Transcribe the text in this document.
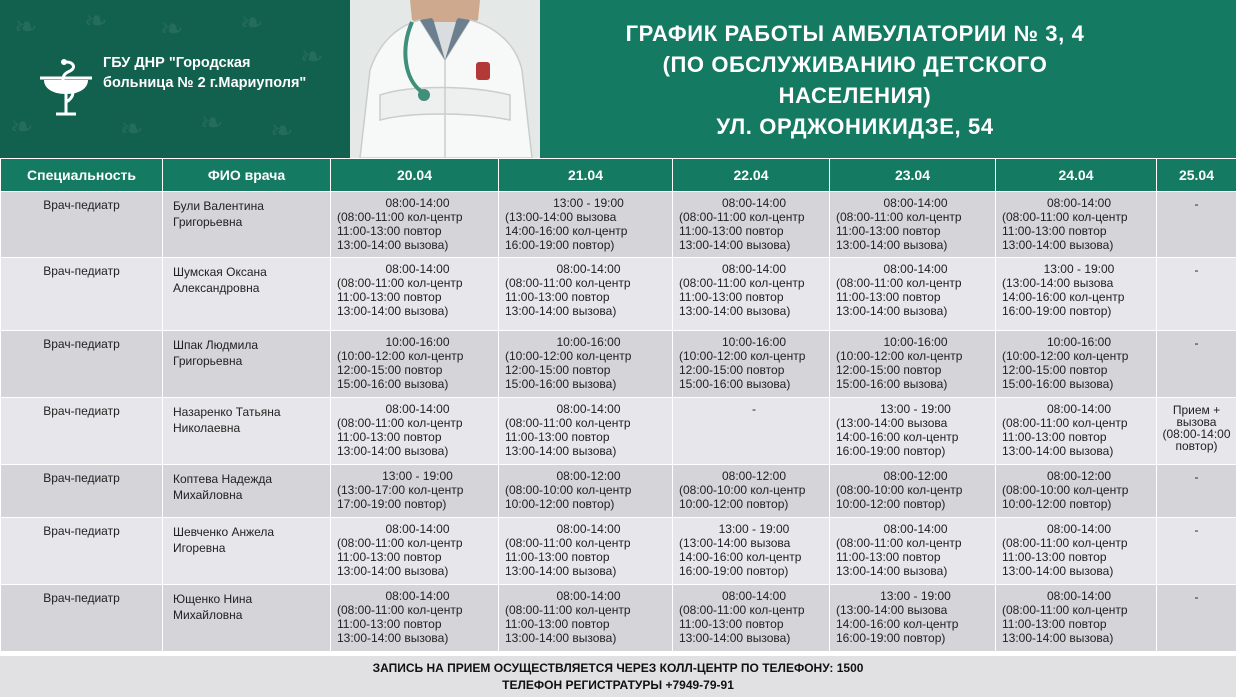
❧ ❧ ❧ ❧
❧
❧	❧ ❧ ❧
ГБУ ДНР "Городская
больница № 2 г.Мариуполя"
ГРАФИК РАБОТЫ АМБУЛАТОРИИ № 3, 4
(ПО ОБСЛУЖИВАНИЮ ДЕТСКОГО
НАСЕЛЕНИЯ)
УЛ. ОРДЖОНИКИДЗЕ, 54
Специальность	ФИО врача	20.04	21.04	22.04	23.04	24.04	25.04
Врач-педиатр	Були Валентина
Григорьевна	08:00-14:00
(08:00-11:00 кол-центр
11:00-13:00 повтор
13:00-14:00 вызова)	13:00 - 19:00
(13:00-14:00 вызова
14:00-16:00 кол-центр
16:00-19:00 повтор)	08:00-14:00
(08:00-11:00 кол-центр
11:00-13:00 повтор
13:00-14:00 вызова)	08:00-14:00
(08:00-11:00 кол-центр
11:00-13:00 повтор
13:00-14:00 вызова)	08:00-14:00
(08:00-11:00 кол-центр
11:00-13:00 повтор
13:00-14:00 вызова)	-
Врач-педиатр	Шумская Оксана
Александровна	08:00-14:00
(08:00-11:00 кол-центр
11:00-13:00 повтор
13:00-14:00 вызова)	08:00-14:00
(08:00-11:00 кол-центр
11:00-13:00 повтор
13:00-14:00 вызова)	08:00-14:00
(08:00-11:00 кол-центр
11:00-13:00 повтор
13:00-14:00 вызова)	08:00-14:00
(08:00-11:00 кол-центр
11:00-13:00 повтор
13:00-14:00 вызова)	13:00 - 19:00
(13:00-14:00 вызова
14:00-16:00 кол-центр
16:00-19:00 повтор)	-
Врач-педиатр	Шпак Людмила
Григорьевна	10:00-16:00
(10:00-12:00 кол-центр
12:00-15:00 повтор
15:00-16:00 вызова)	10:00-16:00
(10:00-12:00 кол-центр
12:00-15:00 повтор
15:00-16:00 вызова)	10:00-16:00
(10:00-12:00 кол-центр
12:00-15:00 повтор
15:00-16:00 вызова)	10:00-16:00
(10:00-12:00 кол-центр
12:00-15:00 повтор
15:00-16:00 вызова)	10:00-16:00
(10:00-12:00 кол-центр
12:00-15:00 повтор
15:00-16:00 вызова)	-
Врач-педиатр	Назаренко Татьяна
Николаевна	08:00-14:00
(08:00-11:00 кол-центр
11:00-13:00 повтор
13:00-14:00 вызова)	08:00-14:00
(08:00-11:00 кол-центр
11:00-13:00 повтор
13:00-14:00 вызова)	-	13:00 - 19:00
(13:00-14:00 вызова
14:00-16:00 кол-центр
16:00-19:00 повтор)	08:00-14:00
(08:00-11:00 кол-центр
11:00-13:00 повтор
13:00-14:00 вызова)	Прием +
вызова
(08:00-14:00
повтор)
Врач-педиатр	Коптева Надежда
Михайловна	13:00 - 19:00
(13:00-17:00 кол-центр
17:00-19:00 повтор)	08:00-12:00
(08:00-10:00 кол-центр
10:00-12:00 повтор)	08:00-12:00
(08:00-10:00 кол-центр
10:00-12:00 повтор)	08:00-12:00
(08:00-10:00 кол-центр
10:00-12:00 повтор)	08:00-12:00
(08:00-10:00 кол-центр
10:00-12:00 повтор)	-
Врач-педиатр	Шевченко Анжела
Игоревна	08:00-14:00
(08:00-11:00 кол-центр
11:00-13:00 повтор
13:00-14:00 вызова)	08:00-14:00
(08:00-11:00 кол-центр
11:00-13:00 повтор
13:00-14:00 вызова)	13:00 - 19:00
(13:00-14:00 вызова
14:00-16:00 кол-центр
16:00-19:00 повтор)	08:00-14:00
(08:00-11:00 кол-центр
11:00-13:00 повтор
13:00-14:00 вызова)	08:00-14:00
(08:00-11:00 кол-центр
11:00-13:00 повтор
13:00-14:00 вызова)	-
Врач-педиатр	Ющенко Нина
Михайловна	08:00-14:00
(08:00-11:00 кол-центр
11:00-13:00 повтор
13:00-14:00 вызова)	08:00-14:00
(08:00-11:00 кол-центр
11:00-13:00 повтор
13:00-14:00 вызова)	08:00-14:00
(08:00-11:00 кол-центр
11:00-13:00 повтор
13:00-14:00 вызова)	13:00 - 19:00
(13:00-14:00 вызова
14:00-16:00 кол-центр
16:00-19:00 повтор)	08:00-14:00
(08:00-11:00 кол-центр
11:00-13:00 повтор
13:00-14:00 вызова)	-
ЗАПИСЬ НА ПРИЕМ ОСУЩЕСТВЛЯЕТСЯ ЧЕРЕЗ КОЛЛ-ЦЕНТР ПО ТЕЛЕФОНУ: 1500
ТЕЛЕФОН РЕГИСТРАТУРЫ +7949-79-91
